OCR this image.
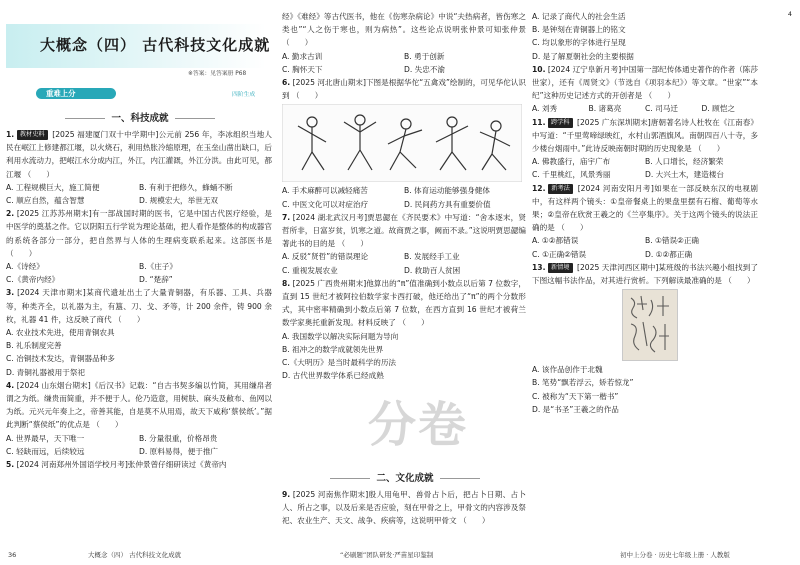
大概念（四） 古代科技文化成就
※答案：见答案册 P68
重难上分	四阶生成
4
一、科技成就
1. 教材史料 [2025 福建厦门双十中学期中]公元前 256 年，李冰组织当地人民在岷江上修建都江堰，以火烧石，利用热胀冷缩原理，在玉垒山凿出缺口，后利用水流动力，把岷江水分成内江，外江，内江灌溉，外江分洪。由此可见，都江堰 （　　）
A. 工程规模巨大，施工简便	B. 有利于把修久，蜂蛹不断
C. 顺应自然，蕴含智慧	D. 规模宏大，举世无双
2. [2025 江苏苏州期末]有一部战国时期的医书，它是中国古代医疗经验，是中医学的奠基之作。它以阴阳五行学说为理论基础，把人看作是整体的构成器官的系统各部分一部分，把自然界与人体的生理病变联系起来。这部医书是 （　　）
A.《诗经》	B.《庄子》
C.《黄帝内经》	D. “楚辞”
3. [2024 天津市期末]某商代遗址出土了大量青铜器，有乐器、工具、兵器等，种类齐全，以礼器为主，有簋、刀、戈、矛等，计 200 余件，铸 900 余枚，礼器 41 件，这反映了商代 （　　）
A. 农业技术先进，使用青铜农具
B. 礼乐制度完善
C. 冶铜技术发达，青铜器品种多
D. 青铜礼器被用于祭祀
4. [2024 山东烟台期末]《后汉书》记载：“自古书契多编以竹简，其用缣帛者谓之为纸。缣贵而简重，并不便于人。伦乃造意，用树肤、麻头及敝布、鱼网以为纸。元兴元年奏上之，帝善其能，自是莫不从用焉，故天下咸称‘蔡侯纸’。”据此判断“蔡侯纸”的优点是 （　　）
A. 世界最早，天下唯一	B. 分量很重，价格昂贵
C. 轻缺而远，后续较远	D. 原料易得，便于推广
5. [2024 河南郑州外国语学校月考]张仲景曾仔细研读过《黄帝内
经》《难经》等古代医书，他在《伤寒杂病论》中说“夫热病者，皆伤寒之类也”“人之伤于寒也，则为病热”。这些论点说明张仲景可知张仲景 （　　）
A. 勤求古训	B. 勇于创新
C. 胸怀天下	D. 失忠不渝
6. [2025 河北唐山期末]下图是根据华佗“五禽戏”绘制的，可见华佗认识到 （　　）
A. 手术麻醉可以减轻痛苦	B. 体育运动能够强身健体
C. 中医文化可以对症治疗	D. 民间药方具有重要价值
7. [2024 湖北武汉月考]贾思勰在《齐民要术》中写道：“舍本逐末，贤哲所非，日富岁贫，饥寒之道。故商贾之事，阙而不录。”这说明贾思勰编著此书的目的是 （　　）
A. 反驳“贤哲”的错误理论	B. 发展经手工业
C. 重视发展农业	D. 救助百人贫困
8. [2025 广西贵州期末]他算出的“π”值准确到小数点以后第 7 位数字，直到 15 世纪才被阿拉伯数学家卡西打破，他还给出了“π”的两个分数形式，其中密率精确到小数点后第 7 位数，在西方直到 16 世纪才被荷兰数学家奥托重新发现。材料反映了 （　　）
A. 我国数学以解决实际问题为导向
B. 祖冲之的数学成就领先世界
C.《大明历》是当时最科学的历法
D. 古代世界数学体系已经成熟
分卷
二、文化成就
9. [2025 河南焦作期末]殷人用龟甲、兽骨占卜后，把占卜日期、占卜人、所占之事，以及后来是否应验，刻在甲骨之上，甲骨文的内容涉及祭祀、农业生产、天文、战争、疾病等，这说明甲骨文 （　　）
A. 记录了商代人的社会生活
B. 是钟刻在青铜器上的铭文
C. 均以象形的字体进行呈现
D. 是了解夏朝社会的主要根据
10. [2024 辽宁阜新月考]中国第一部纪传体通史著作的作者（陈莎世家），还有《周贤文》（节选自《项羽本纪》）等文章。“世家”“本纪”这种历史记述方式的开创者是 （　　）
A. 刘秀	B. 诸葛亮	C. 司马迁	D. 顾恺之
11. 跨学科 [2025 广东深圳期末]唐朝著名诗人杜牧在《江南春》中写道：“千里莺啼绿映红，水村山郭酒旗风。南朝四百八十寺，多少楼台烟雨中。”此诗反映南朝时期的历史现象是 （　　）
A. 佛教盛行，庙宇广布	B. 人口增长，经济繁荣
C. 千里桃红，风景秀丽	D. 大兴土木，建造楼台
12. 新考法 [2024 河南安阳月考]如果在一部反映东汉的电视剧中，有这样两个镜头：①皇帝餐桌上的果盘里摆有石榴、葡萄等水果；②皇帝在欣赏王羲之的《兰亭集序》。关于这两个镜头的说法正确的是 （　　）
A. ①②都错误	B. ①错误②正确
C. ①正确②错误	D. ①②都正确
13. 新情境 [2025 天津河西区期中]某班级的书法兴趣小组找到了下图这幅书法作品，对其进行赏析。下列解读最准确的是 （　　）
A. 该作品创作于北魏
B. 笔势“飘若浮云，矫若惊龙”
C. 被称为“天下第一楷书”
D. 是“书圣”王羲之的作品
36	大概念（四） 古代科技文化成就	“必刷题”团队研发·严苗星印鉴制	初中上分卷 · 历史七年级上册 · 人教版
